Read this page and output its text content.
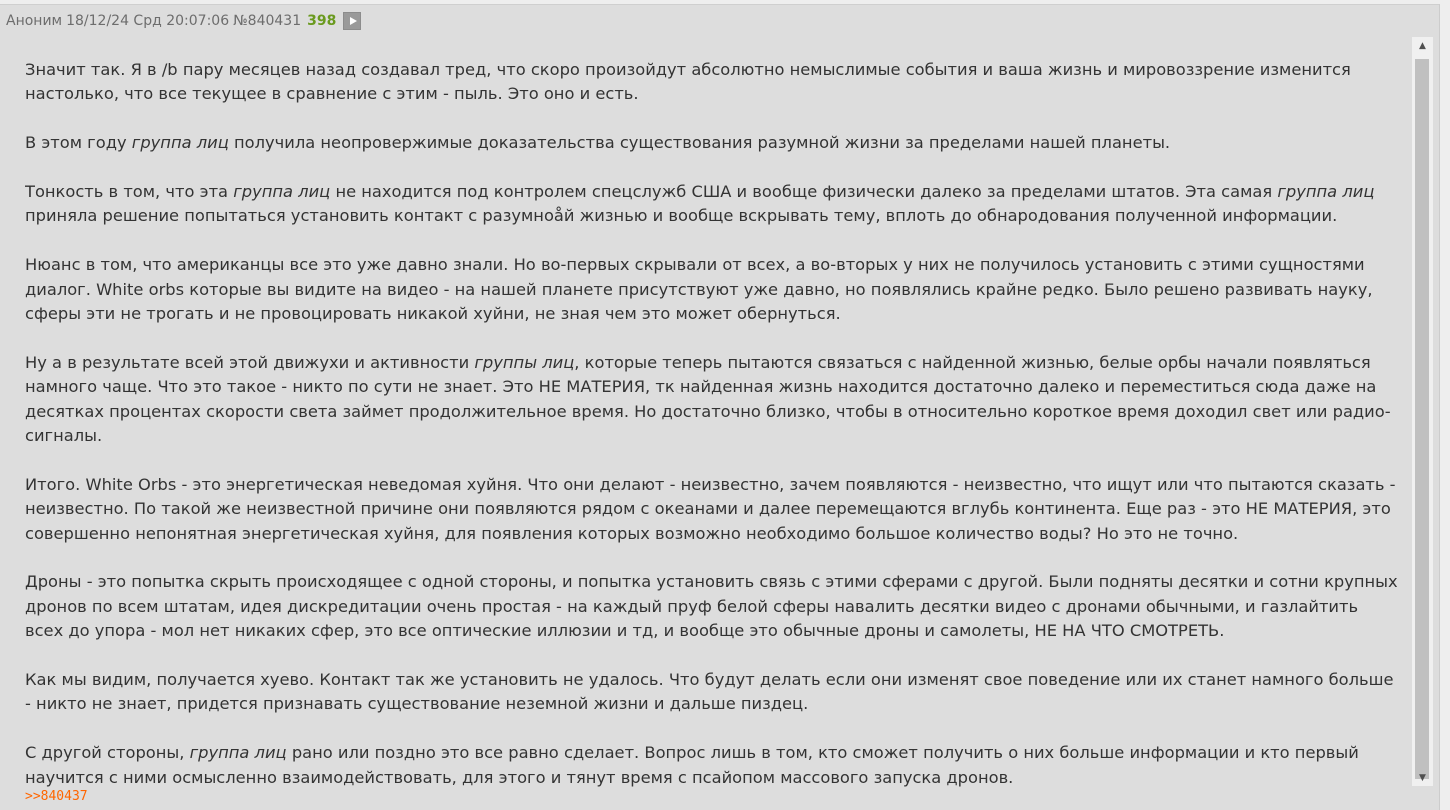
Аноним 18/12/24 Срд 20:07:06 №840431 398

Значит так. Я в /b пару месяцев назад создавал тред, что скоро произойдут абсолютно немыслимые события и ваша жизнь и мировоззрение изменится настолько, что все текущее в сравнение с этим - пыль. Это оно и есть.

В этом году группа лиц получила неопровержимые доказательства существования разумной жизни за пределами нашей планеты.

Тонкость в том, что эта группа лиц не находится под контролем спецслужб США и вообще физически далеко за пределами штатов. Эта самая группа лиц приняла решение попытаться установить контакт с разумноа̊й жизнью и вообще вскрывать тему, вплоть до обнародования полученной информации.

Нюанс в том, что американцы все это уже давно знали. Но во-первых скрывали от всех, а во-вторых у них не получилось установить с этими сущностями диалог. White orbs которые вы видите на видео - на нашей планете присутствуют уже давно, но появлялись крайне редко. Было решено развивать науку, сферы эти не трогать и не провоцировать никакой хуйни, не зная чем это может обернуться.

Ну а в результате всей этой движухи и активности группы лиц, которые теперь пытаются связаться с найденной жизнью, белые орбы начали появляться намного чаще. Что это такое - никто по сути не знает. Это НЕ МАТЕРИЯ, тк найденная жизнь находится достаточно далеко и переместиться сюда даже на десятках процентах скорости света займет продолжительное время. Но достаточно близко, чтобы в относительно короткое время доходил свет или радио-сигналы.

Итого. White Orbs - это энергетическая неведомая хуйня. Что они делают - неизвестно, зачем появляются - неизвестно, что ищут или что пытаются сказать - неизвестно. По такой же неизвестной причине они появляются рядом с океанами и далее перемещаются вглубь континента. Еще раз - это НЕ МАТЕРИЯ, это совершенно непонятная энергетическая хуйня, для появления которых возможно необходимо большое количество воды? Но это не точно.

Дроны - это попытка скрыть происходящее с одной стороны, и попытка установить связь с этими сферами с другой. Были подняты десятки и сотни крупных дронов по всем штатам, идея дискредитации очень простая - на каждый пруф белой сферы навалить десятки видео с дронами обычными, и газлайтить всех до упора - мол нет никаких сфер, это все оптические иллюзии и тд, и вообще это обычные дроны и самолеты, НЕ НА ЧТО СМОТРЕТЬ.

Как мы видим, получается хуево. Контакт так же установить не удалось. Что будут делать если они изменят свое поведение или их станет намного больше - никто не знает, придется признавать существование неземной жизни и дальше пиздец.

С другой стороны, группа лиц рано или поздно это все равно сделает. Вопрос лишь в том, кто сможет получить о них больше информации и кто первый научится с ними осмысленно взаимодействовать, для этого и тянут время с псайопом массового запуска дронов.

>>840437
▲
▼
